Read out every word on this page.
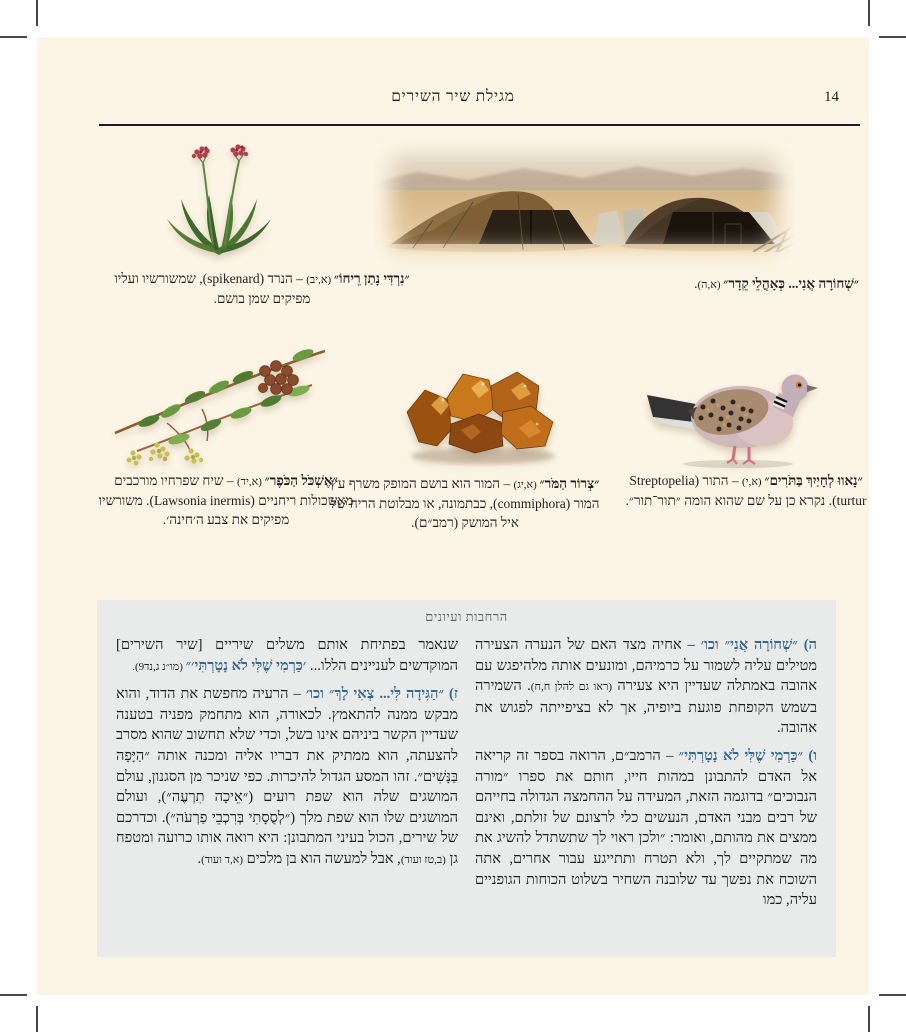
מגילת שיר השירים	14
״נִרְדִּי נָתַן רֵיחוֹ״ (א,יב) – הנרד (spikenard), שמשורשיו ועליו מפיקים שמן בושם.
״שְׁחוֹרָה אֲנִי... כְּאָהֳלֵי קֵדָר״ (א,ה).
״אֶשְׁכֹּל הַכֹּפֶר״ (א,יד) – שיח שפרחיו מורכבים מאשכולות ריחניים (Lawsonia inermis). משורשיו מפיקים את צבע ה׳חינה׳.
״צְרוֹר הַמֹּר״ (א,יג) – המור הוא בושם המופק משרף עץ המור (commiphora), כבתמונה, או מבלוטת הריח של איל המושק (רמב״ם).
״נָאווּ לְחָיַיִךְ בַּתֹּרִים״ (א,י) – התור (Streptopelia turtur). נקרא כן על שם שהוא הומה ״תור־תור״.
הרחבות ועיונים

ה) ״שְׁחוֹרָה אֲנִי״ וכו׳ – אחיה מצד האם של הנערה הצעירה מטילים עליה לשמור על כרמיהם, ומונעים אותה מלהיפגש עם אהובה באמתלה שעדיין היא צעירה (ראו גם להלן ח,ח). השמירה בשמש הקופחת פוגעת ביופיה, אך לא בציפייתה לפגוש את אהובה.

ו) ״כַּרְמִי שֶׁלִּי לֹא נָטָרְתִּי״ – הרמב״ם, הרואה בספר זה קריאה אל האדם להתבונן במהות חייו, חותם את ספרו ״מורה הנבוכים״ בדוגמה הזאת, המעידה על ההחמצה הגדולה בחייהם של רבים מבני האדם, הנעשים כלי לרצונם של זולתם, ואינם ממצים את מהותם, ואומר: ״ולכן ראוי לך שתשתדל להשיג את מה שמתקיים לך, ולא תטרח ותתייגע עבור אחרים, אתה השוכח את נפשך עד שלובנה השחיר בשלוט הכוחות הגופניים עליה, כמו

שנאמר בפתיחת אותם משלים שיריים [שיר השירים] המוקדשים לעניינים הללו... ׳כַּרְמִי שֶׁלִּי לֹא נָטָרְתִּי׳״ (מו״נ ג,נד9).

ז) ״הַגִּידָה לִּי... צְאִי לָךְ״ וכו׳ – הרעיה מחפשת את הדוד, והוא מבקש ממנה להתאמץ. לכאורה, הוא מתחמק מפניה בטענה שעדיין הקשר ביניהם אינו בשל, וכדי שלא תחשוב שהוא מסרב להצעתה, הוא ממתיק את דבריו אליה ומכנה אותה ״הַיָּפָה בַּנָּשִׁים״. זהו המסע הגדול להיכרות. כפי שניכר מן הסגנון, עולם המושגים שלה הוא שפת רועים (״אֵיכָה תִרְעֶה״), ועולם המושגים שלו הוא שפת מלך (״לְסֻסָתִי בְּרִכְבֵי פַרְעֹה״). וכדרכם של שירים, הכול בעיני המתבונן: היא רואה אותו כרועה ומטפח גן (ב,טז ועוד), אבל למעשה הוא בן מלכים (א,ד ועוד).
